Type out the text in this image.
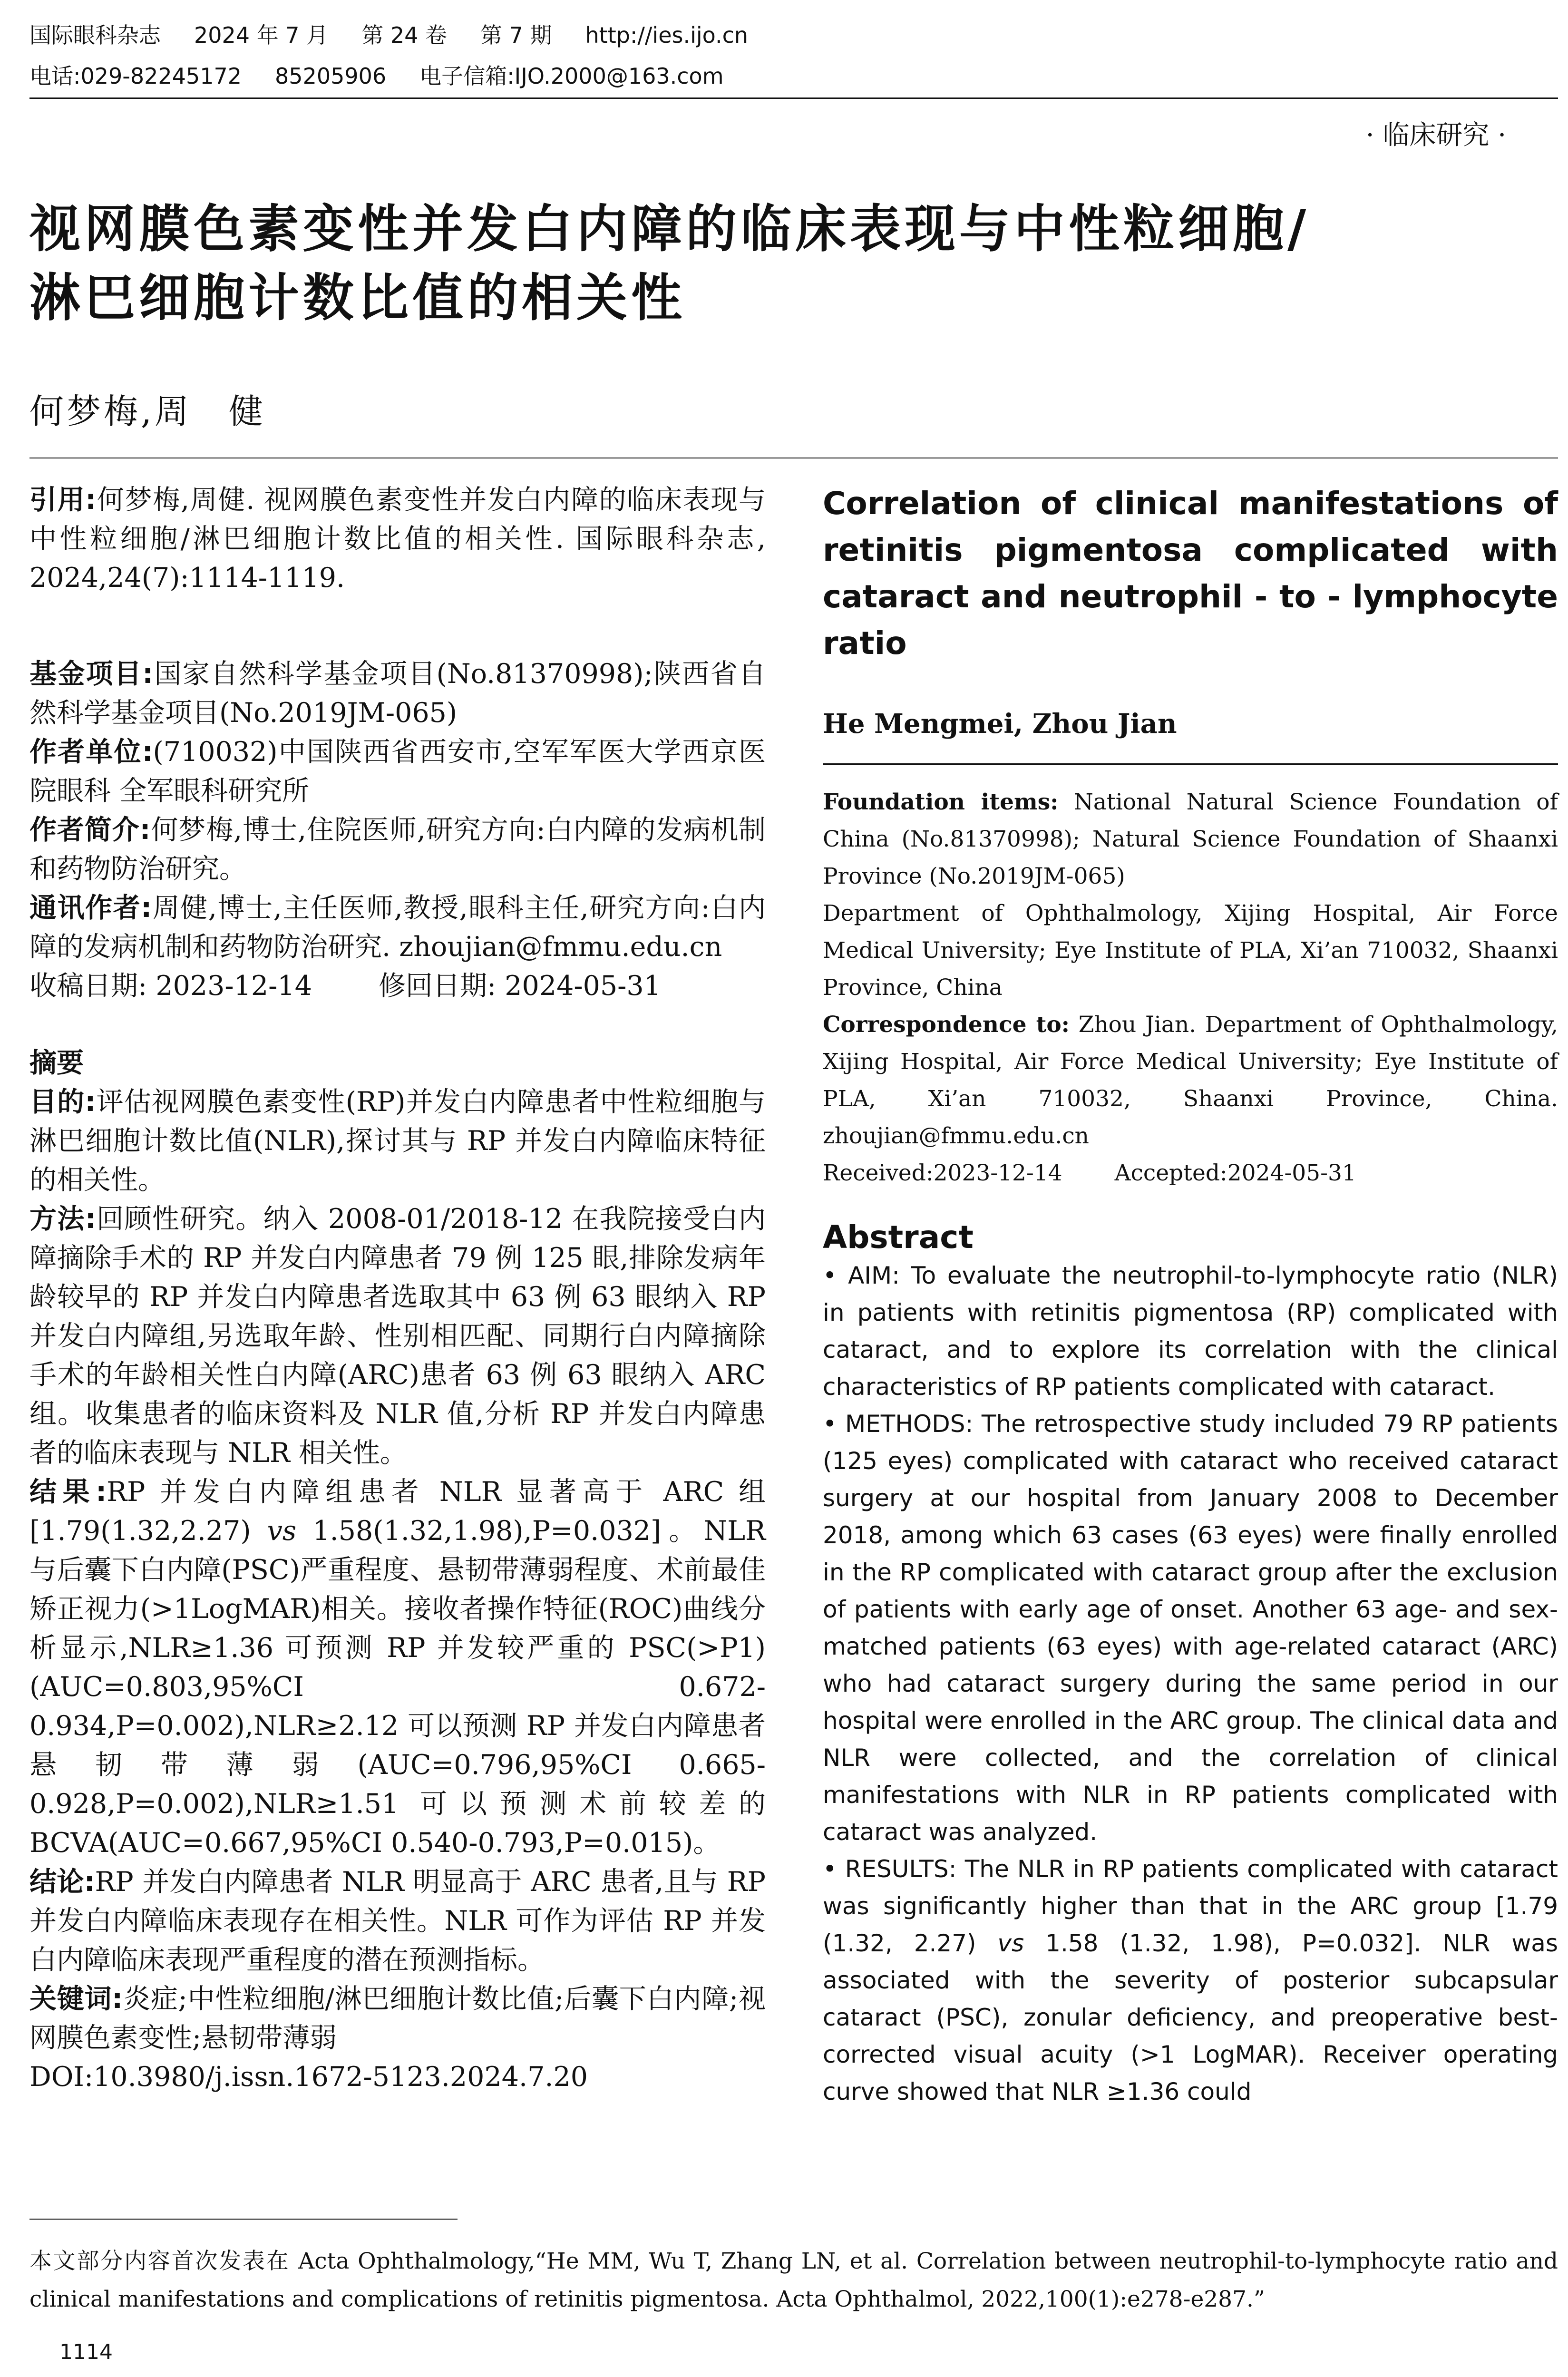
国际眼科杂志 2024 年 7 月 第 24 卷 第 7 期 http://ies.ijo.cn
电话:029-82245172 85205906 电子信箱:IJO.2000@163.com
· 临床研究 ·
视网膜色素变性并发白内障的临床表现与中性粒细胞/
淋巴细胞计数比值的相关性
何梦梅,周　健

引用:何梦梅,周健. 视网膜色素变性并发白内障的临床表现与中性粒细胞/淋巴细胞计数比值的相关性. 国际眼科杂志, 2024,24(7):1114-1119.

基金项目:国家自然科学基金项目(No.81370998);陕西省自然科学基金项目(No.2019JM-065)

作者单位:(710032)中国陕西省西安市,空军军医大学西京医院眼科 全军眼科研究所

作者简介:何梦梅,博士,住院医师,研究方向:白内障的发病机制和药物防治研究。

通讯作者:周健,博士,主任医师,教授,眼科主任,研究方向:白内障的发病机制和药物防治研究. zhoujian@fmmu.edu.cn

收稿日期: 2023-12-14 修回日期: 2024-05-31

摘要

目的:评估视网膜色素变性(RP)并发白内障患者中性粒细胞与淋巴细胞计数比值(NLR),探讨其与 RP 并发白内障临床特征的相关性。

方法:回顾性研究。纳入 2008-01/2018-12 在我院接受白内障摘除手术的 RP 并发白内障患者 79 例 125 眼,排除发病年龄较早的 RP 并发白内障患者选取其中 63 例 63 眼纳入 RP 并发白内障组,另选取年龄、性别相匹配、同期行白内障摘除手术的年龄相关性白内障(ARC)患者 63 例 63 眼纳入 ARC 组。收集患者的临床资料及 NLR 值,分析 RP 并发白内障患者的临床表现与 NLR 相关性。

结果:RP 并发白内障组患者 NLR 显著高于 ARC 组[1.79(1.32,2.27) vs 1.58(1.32,1.98),P=0.032]。NLR 与后囊下白内障(PSC)严重程度、悬韧带薄弱程度、术前最佳矫正视力(>1LogMAR)相关。接收者操作特征(ROC)曲线分析显示,NLR≥1.36 可预测 RP 并发较严重的 PSC(>P1)(AUC=0.803,95%CI 0.672-0.934,P=0.002),NLR≥2.12 可以预测 RP 并发白内障患者悬韧带薄弱(AUC=0.796,95%CI 0.665-0.928,P=0.002),NLR≥1.51 可以预测术前较差的 BCVA(AUC=0.667,95%CI 0.540-0.793,P=0.015)。

结论:RP 并发白内障患者 NLR 明显高于 ARC 患者,且与 RP 并发白内障临床表现存在相关性。NLR 可作为评估 RP 并发白内障临床表现严重程度的潜在预测指标。

关键词:炎症;中性粒细胞/淋巴细胞计数比值;后囊下白内障;视网膜色素变性;悬韧带薄弱

DOI:10.3980/j.issn.1672-5123.2024.7.20

Correlation of clinical manifestations of retinitis pigmentosa complicated with cataract and neutrophil - to - lymphocyte ratio
He Mengmei, Zhou Jian

Foundation items: National Natural Science Foundation of China (No.81370998); Natural Science Foundation of Shaanxi Province (No.2019JM-065)

Department of Ophthalmology, Xijing Hospital, Air Force Medical University; Eye Institute of PLA, Xi’an 710032, Shaanxi Province, China

Correspondence to: Zhou Jian. Department of Ophthalmology, Xijing Hospital, Air Force Medical University; Eye Institute of PLA, Xi’an 710032, Shaanxi Province, China. zhoujian@fmmu.edu.cn

Received:2023-12-14 Accepted:2024-05-31

Abstract

• AIM: To evaluate the neutrophil-to-lymphocyte ratio (NLR) in patients with retinitis pigmentosa (RP) complicated with cataract, and to explore its correlation with the clinical characteristics of RP patients complicated with cataract.

• METHODS: The retrospective study included 79 RP patients (125 eyes) complicated with cataract who received cataract surgery at our hospital from January 2008 to December 2018, among which 63 cases (63 eyes) were finally enrolled in the RP complicated with cataract group after the exclusion of patients with early age of onset. Another 63 age- and sex-matched patients (63 eyes) with age-related cataract (ARC) who had cataract surgery during the same period in our hospital were enrolled in the ARC group. The clinical data and NLR were collected, and the correlation of clinical manifestations with NLR in RP patients complicated with cataract was analyzed.

• RESULTS: The NLR in RP patients complicated with cataract was significantly higher than that in the ARC group [1.79 (1.32, 2.27) vs 1.58 (1.32, 1.98), P=0.032]. NLR was associated with the severity of posterior subcapsular cataract (PSC), zonular deficiency, and preoperative best-corrected visual acuity (>1 LogMAR). Receiver operating curve showed that NLR ≥1.36 could

本文部分内容首次发表在 Acta Ophthalmology,“He MM, Wu T, Zhang LN, et al. Correlation between neutrophil-to-lymphocyte ratio and clinical manifestations and complications of retinitis pigmentosa. Acta Ophthalmol, 2022,100(1):e278-e287.”
1114
